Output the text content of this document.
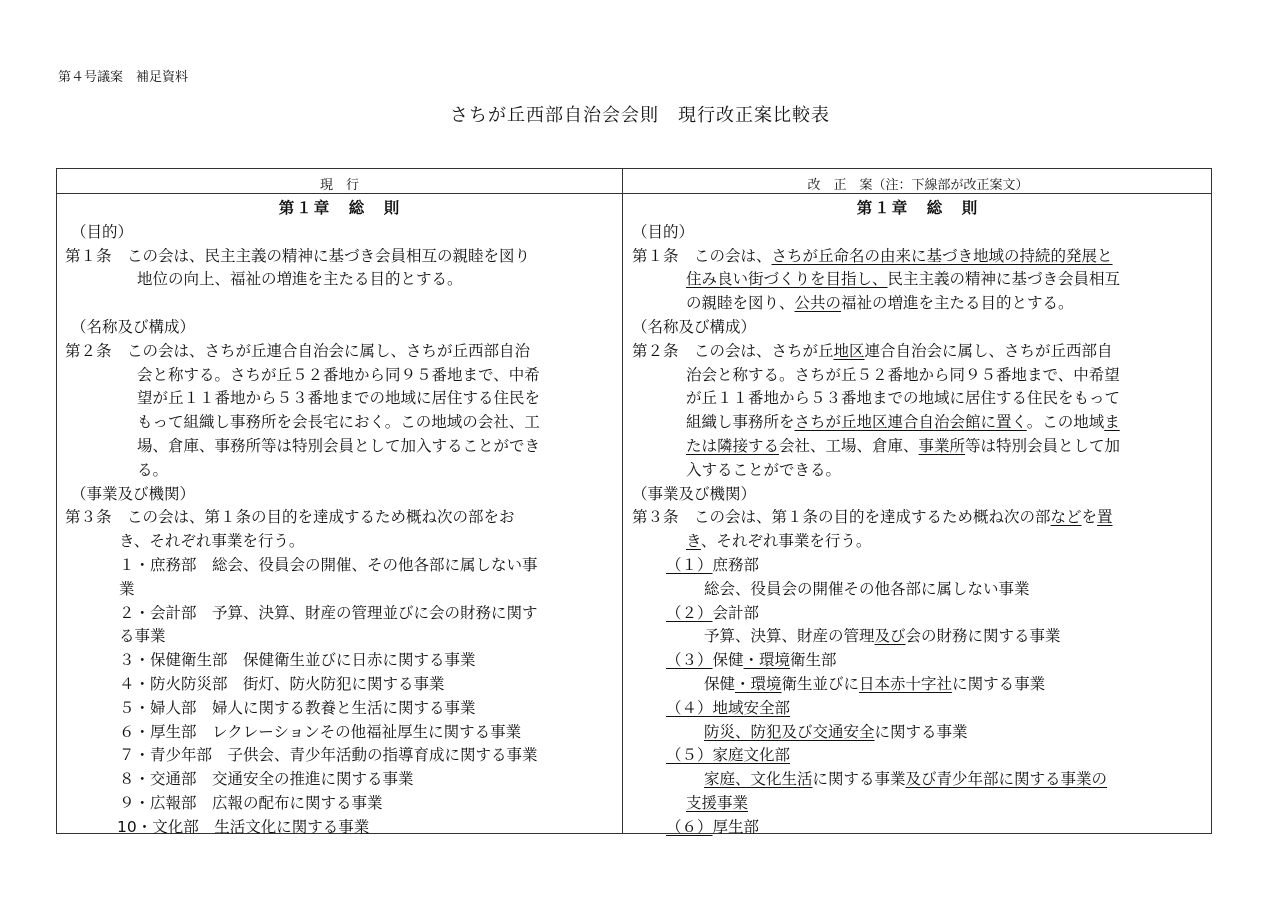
第４号議案　補足資料
さちが丘西部自治会会則　現行改正案比較表
現　行	改　正　案（注：下線部が改正案文）
第１章　総　則
（目的）
第１条　この会は、民主主義の精神に基づき会員相互の親睦を図り
地位の向上、福祉の増進を主たる目的とする。
（名称及び構成）
第２条　この会は、さちが丘連合自治会に属し、さちが丘西部自治
会と称する。さちが丘５２番地から同９５番地まで、中希
望が丘１１番地から５３番地までの地域に居住する住民を
もって組織し事務所を会長宅におく。この地域の会社、工
場、倉庫、事務所等は特別会員として加入することができ
る。
（事業及び機関）
第３条　この会は、第１条の目的を達成するため概ね次の部をお
き、それぞれ事業を行う。
１・庶務部　総会、役員会の開催、その他各部に属しない事
業
２・会計部　予算、決算、財産の管理並びに会の財務に関す
る事業
３・保健衛生部　保健衛生並びに日赤に関する事業
４・防火防災部　街灯、防火防犯に関する事業
５・婦人部　婦人に関する教養と生活に関する事業
６・厚生部　レクレーションその他福祉厚生に関する事業
７・青少年部　子供会、青少年活動の指導育成に関する事業
８・交通部　交通安全の推進に関する事業
９・広報部　広報の配布に関する事業
10・文化部　生活文化に関する事業
第１章　総　則
（目的）
第１条　この会は、さちが丘命名の由来に基づき地域の持続的発展と
住み良い街づくりを目指し、民主主義の精神に基づき会員相互
の親睦を図り、公共の福祉の増進を主たる目的とする。
（名称及び構成）
第２条　この会は、さちが丘地区連合自治会に属し、さちが丘西部自
治会と称する。さちが丘５２番地から同９５番地まで、中希望
が丘１１番地から５３番地までの地域に居住する住民をもって
組織し事務所をさちが丘地区連合自治会館に置く。この地域ま
たは隣接する会社、工場、倉庫、事業所等は特別会員として加
入することができる。
（事業及び機関）
第３条　この会は、第１条の目的を達成するため概ね次の部などを置
き、それぞれ事業を行う。
（１）庶務部
総会、役員会の開催その他各部に属しない事業
（２）会計部
予算、決算、財産の管理及び会の財務に関する事業
（３）保健・環境衛生部
保健・環境衛生並びに日本赤十字社に関する事業
（４）地域安全部
防災、防犯及び交通安全に関する事業
（５）家庭文化部
家庭、文化生活に関する事業及び青少年部に関する事業の
支援事業
（６）厚生部
